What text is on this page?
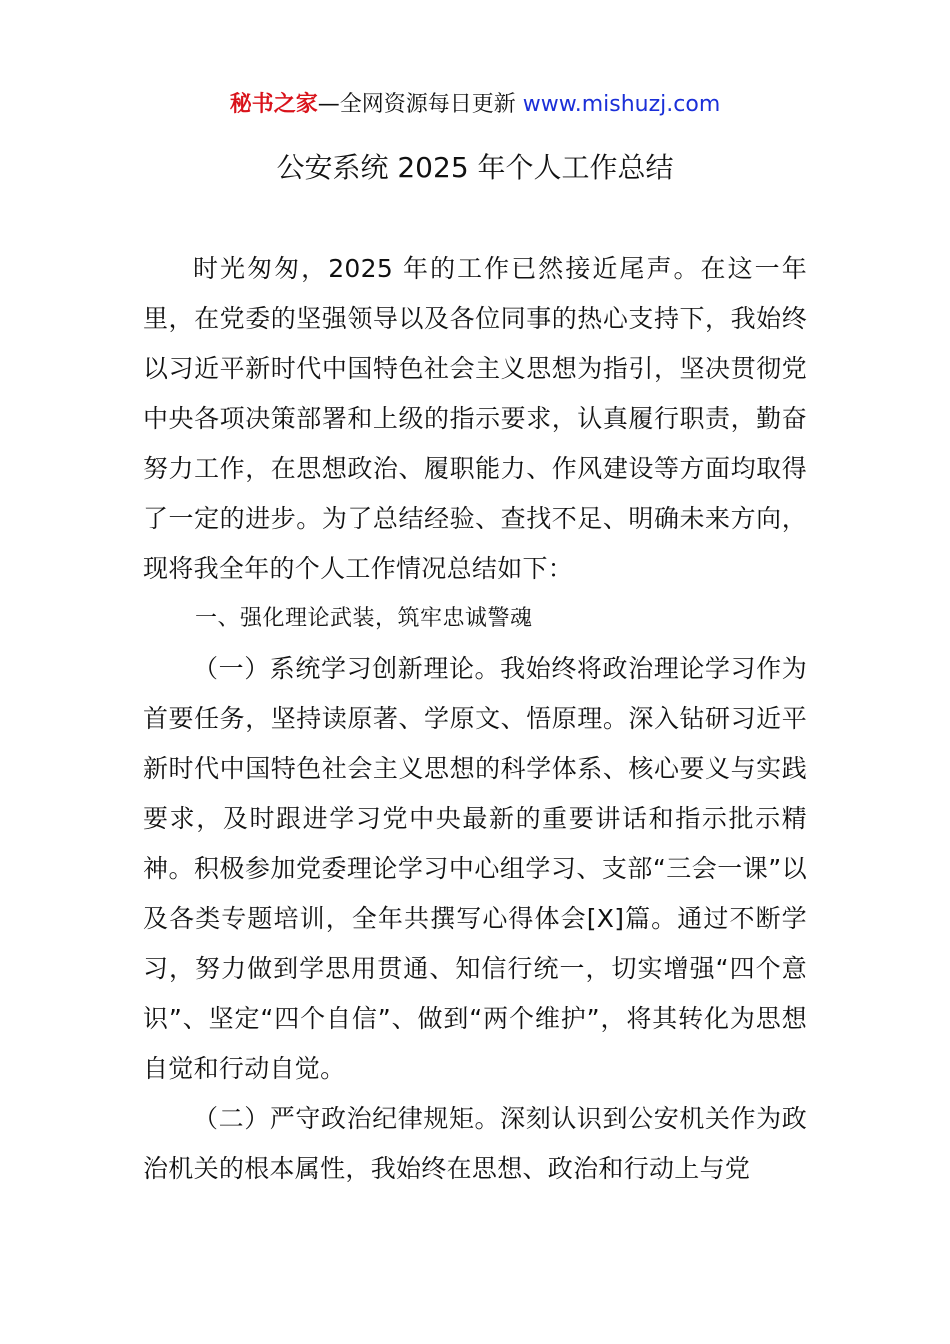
秘书之家—全网资源每日更新 www.mishuzj.com
公安系统 2025 年个人工作总结

时光匆匆，2025 年的工作已然接近尾声。在这一年里，在党委的坚强领导以及各位同事的热心支持下，我始终以习近平新时代中国特色社会主义思想为指引，坚决贯彻党中央各项决策部署和上级的指示要求，认真履行职责，勤奋努力工作，在思想政治、履职能力、作风建设等方面均取得了一定的进步。为了总结经验、查找不足、明确未来方向，现将我全年的个人工作情况总结如下：

一、强化理论武装，筑牢忠诚警魂

（一）系统学习创新理论。我始终将政治理论学习作为首要任务，坚持读原著、学原文、悟原理。深入钻研习近平新时代中国特色社会主义思想的科学体系、核心要义与实践要求，及时跟进学习党中央最新的重要讲话和指示批示精神。积极参加党委理论学习中心组学习、支部“三会一课”以及各类专题培训，全年共撰写心得体会[X]篇。通过不断学习，努力做到学思用贯通、知信行统一，切实增强“四个意识”、坚定“四个自信”、做到“两个维护”，将其转化为思想自觉和行动自觉。

（二）严守政治纪律规矩。深刻认识到公安机关作为政治机关的根本属性，我始终在思想、政治和行动上与党
